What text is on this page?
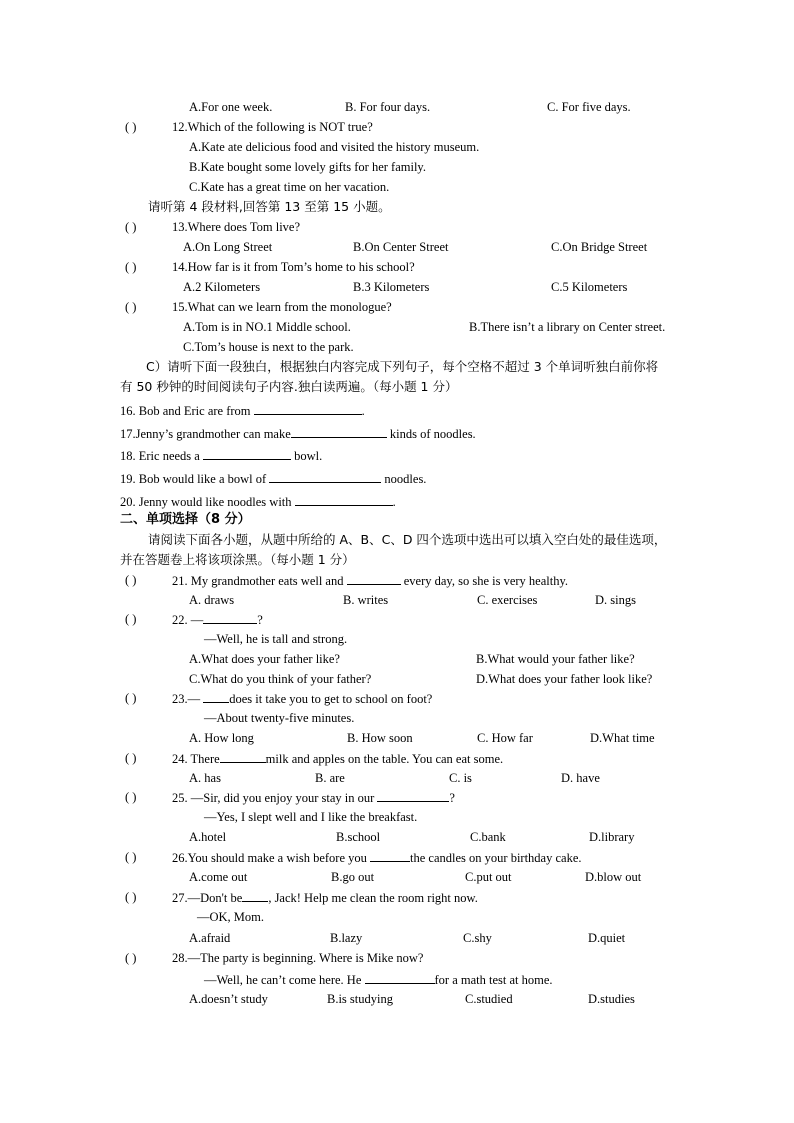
A.For one week.	B. For four days.	C. For five days.
( )	12.Which of the following is NOT true?
A.Kate ate delicious food and visited the history museum.
B.Kate bought some lovely gifts for her family.
C.Kate has a great time on her vacation.
请听第 4 段材料,回答第 13 至第 15 小题。
( )	13.Where does Tom live?
A.On Long Street	B.On Center Street	C.On Bridge Street
( )	14.How far is it from Tom’s home to his school?
A.2 Kilometers	B.3 Kilometers	C.5 Kilometers
( )	15.What can we learn from the monologue?
A.Tom is in NO.1 Middle school.	B.There isn’t a library on Center street.
C.Tom’s house is next to the park.
C）请听下面一段独白，根据独白内容完成下列句子，每个空格不超过 3 个单词听独白前你将
有 50 秒钟的时间阅读句子内容.独白读两遍。（每小题 1 分）
16. Bob and Eric are from	.
17.Jenny’s grandmother can make	kinds of noodles.
18. Eric needs a	bowl.
19. Bob would like a bowl of	noodles.
20. Jenny would like noodles with	.
二、单项选择（8 分）
请阅读下面各小题，从题中所给的 A、B、C、D 四个选项中选出可以填入空白处的最佳选项，
并在答题卷上将该项涂黑。（每小题 1 分）
( )	21. My grandmother eats well and	every day, so she is very healthy.
A. draws	B. writes	C. exercises	D. sings
( )	22. —	?
—Well, he is tall and strong.
A.What does your father like?	B.What would your father like?
C.What do you think of your father?	D.What does your father look like?
( )	23.— does it take you to get to school on foot?
—About twenty-five minutes.
A. How long	B. How soon	C. How far	D.What time
( )	24. There	milk and apples on the table. You can eat some.
A. has	B. are	C. is	D. have
( )	25. —Sir, did you enjoy your stay in our	?
—Yes, I slept well and I like the breakfast.
A.hotel	B.school	C.bank	D.library
( )	26.You should make a wish before you	the candles on your birthday cake.
A.come out	B.go out	C.put out	D.blow out
( )	27.—Don't be , Jack! Help me clean the room right now.
—OK, Mom.
A.afraid	B.lazy	C.shy	D.quiet
( )	28.—The party is beginning. Where is Mike now?
—Well, he can’t come here. He	for a math test at home.
A.doesn’t study	B.is studying	C.studied	D.studies
